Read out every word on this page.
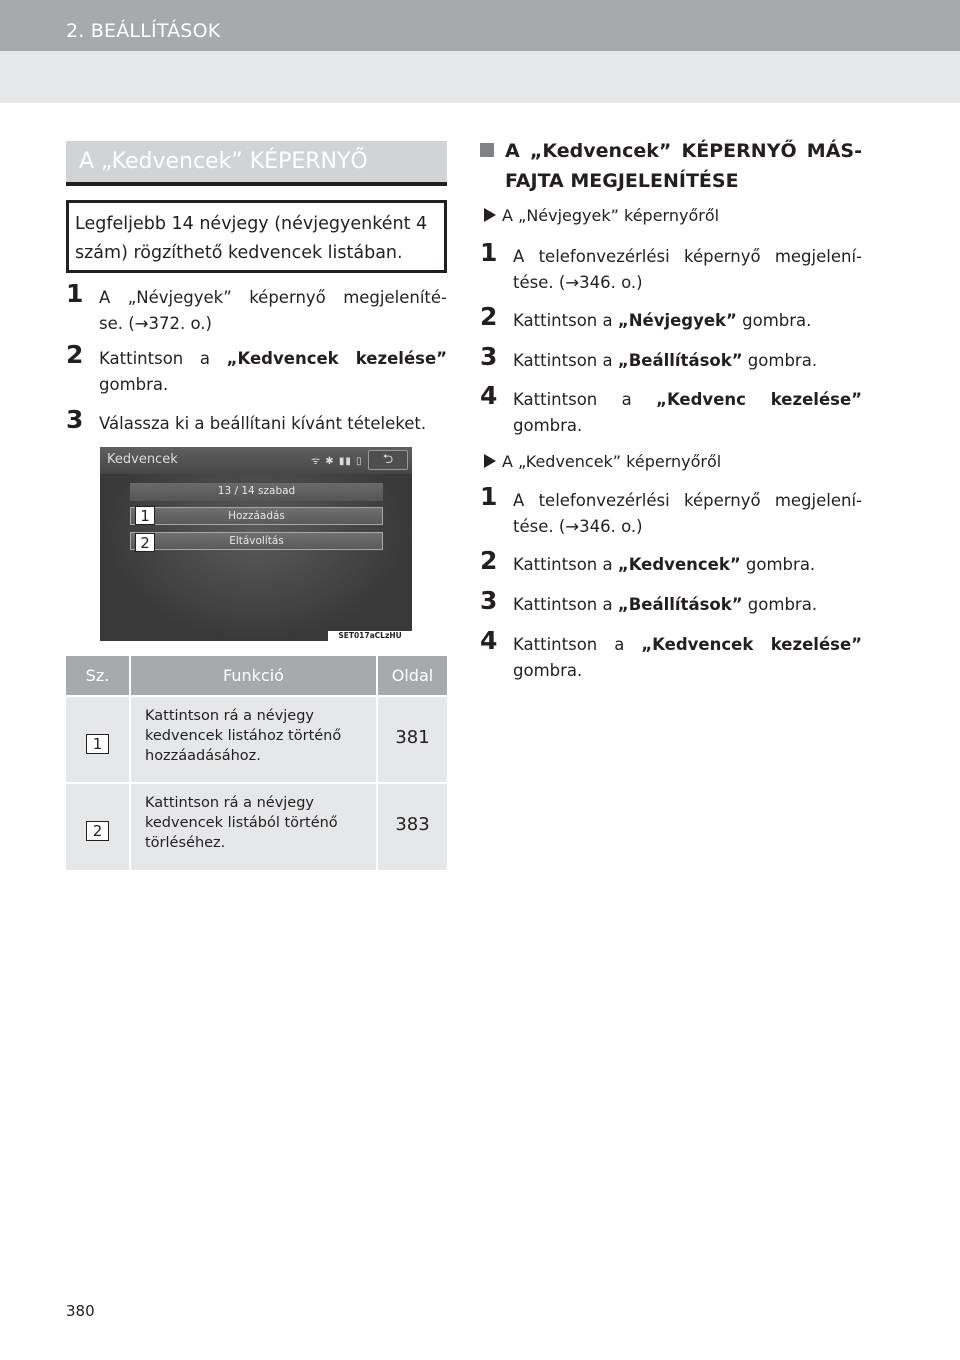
2. BEÁLLÍTÁSOK
A „Kedvencek” KÉPERNYŐ
Legfeljebb 14 névjegy (névjegyenként 4 szám) rögzíthető kedvencek listában.
1 A „Névjegyek” képernyő megjeleníté-
se. (→372. o.)
2 Kattintson a „Kedvencek kezelése”
gombra.
3 Válassza ki a beállítani kívánt tételeket.
Kedvencek	ᯤ ✱ ▮▮ ▯	⮌
13 / 14 szabad
Hozzáadás
Eltávolítás
SET017aCLzHU
1
2
Sz.	Funkció	Oldal
1	Kattintson rá a névjegy
kedvencek listához történő
hozzáadásához.	381
2	Kattintson rá a névjegy
kedvencek listából történő
törléséhez.	383
A „Kedvencek” KÉPERNYŐ MÁS-
FAJTA MEGJELENÍTÉSE
A „Névjegyek” képernyőről
1 A telefonvezérlési képernyő megjelení-
tése. (→346. o.)
2 Kattintson a „Névjegyek” gombra.
3 Kattintson a „Beállítások” gombra.
4 Kattintson a „Kedvenc kezelése”
gombra.
A „Kedvencek” képernyőről
1 A telefonvezérlési képernyő megjelení-
tése. (→346. o.)
2 Kattintson a „Kedvencek” gombra.
3 Kattintson a „Beállítások” gombra.
4 Kattintson a „Kedvencek kezelése”
gombra.
380
